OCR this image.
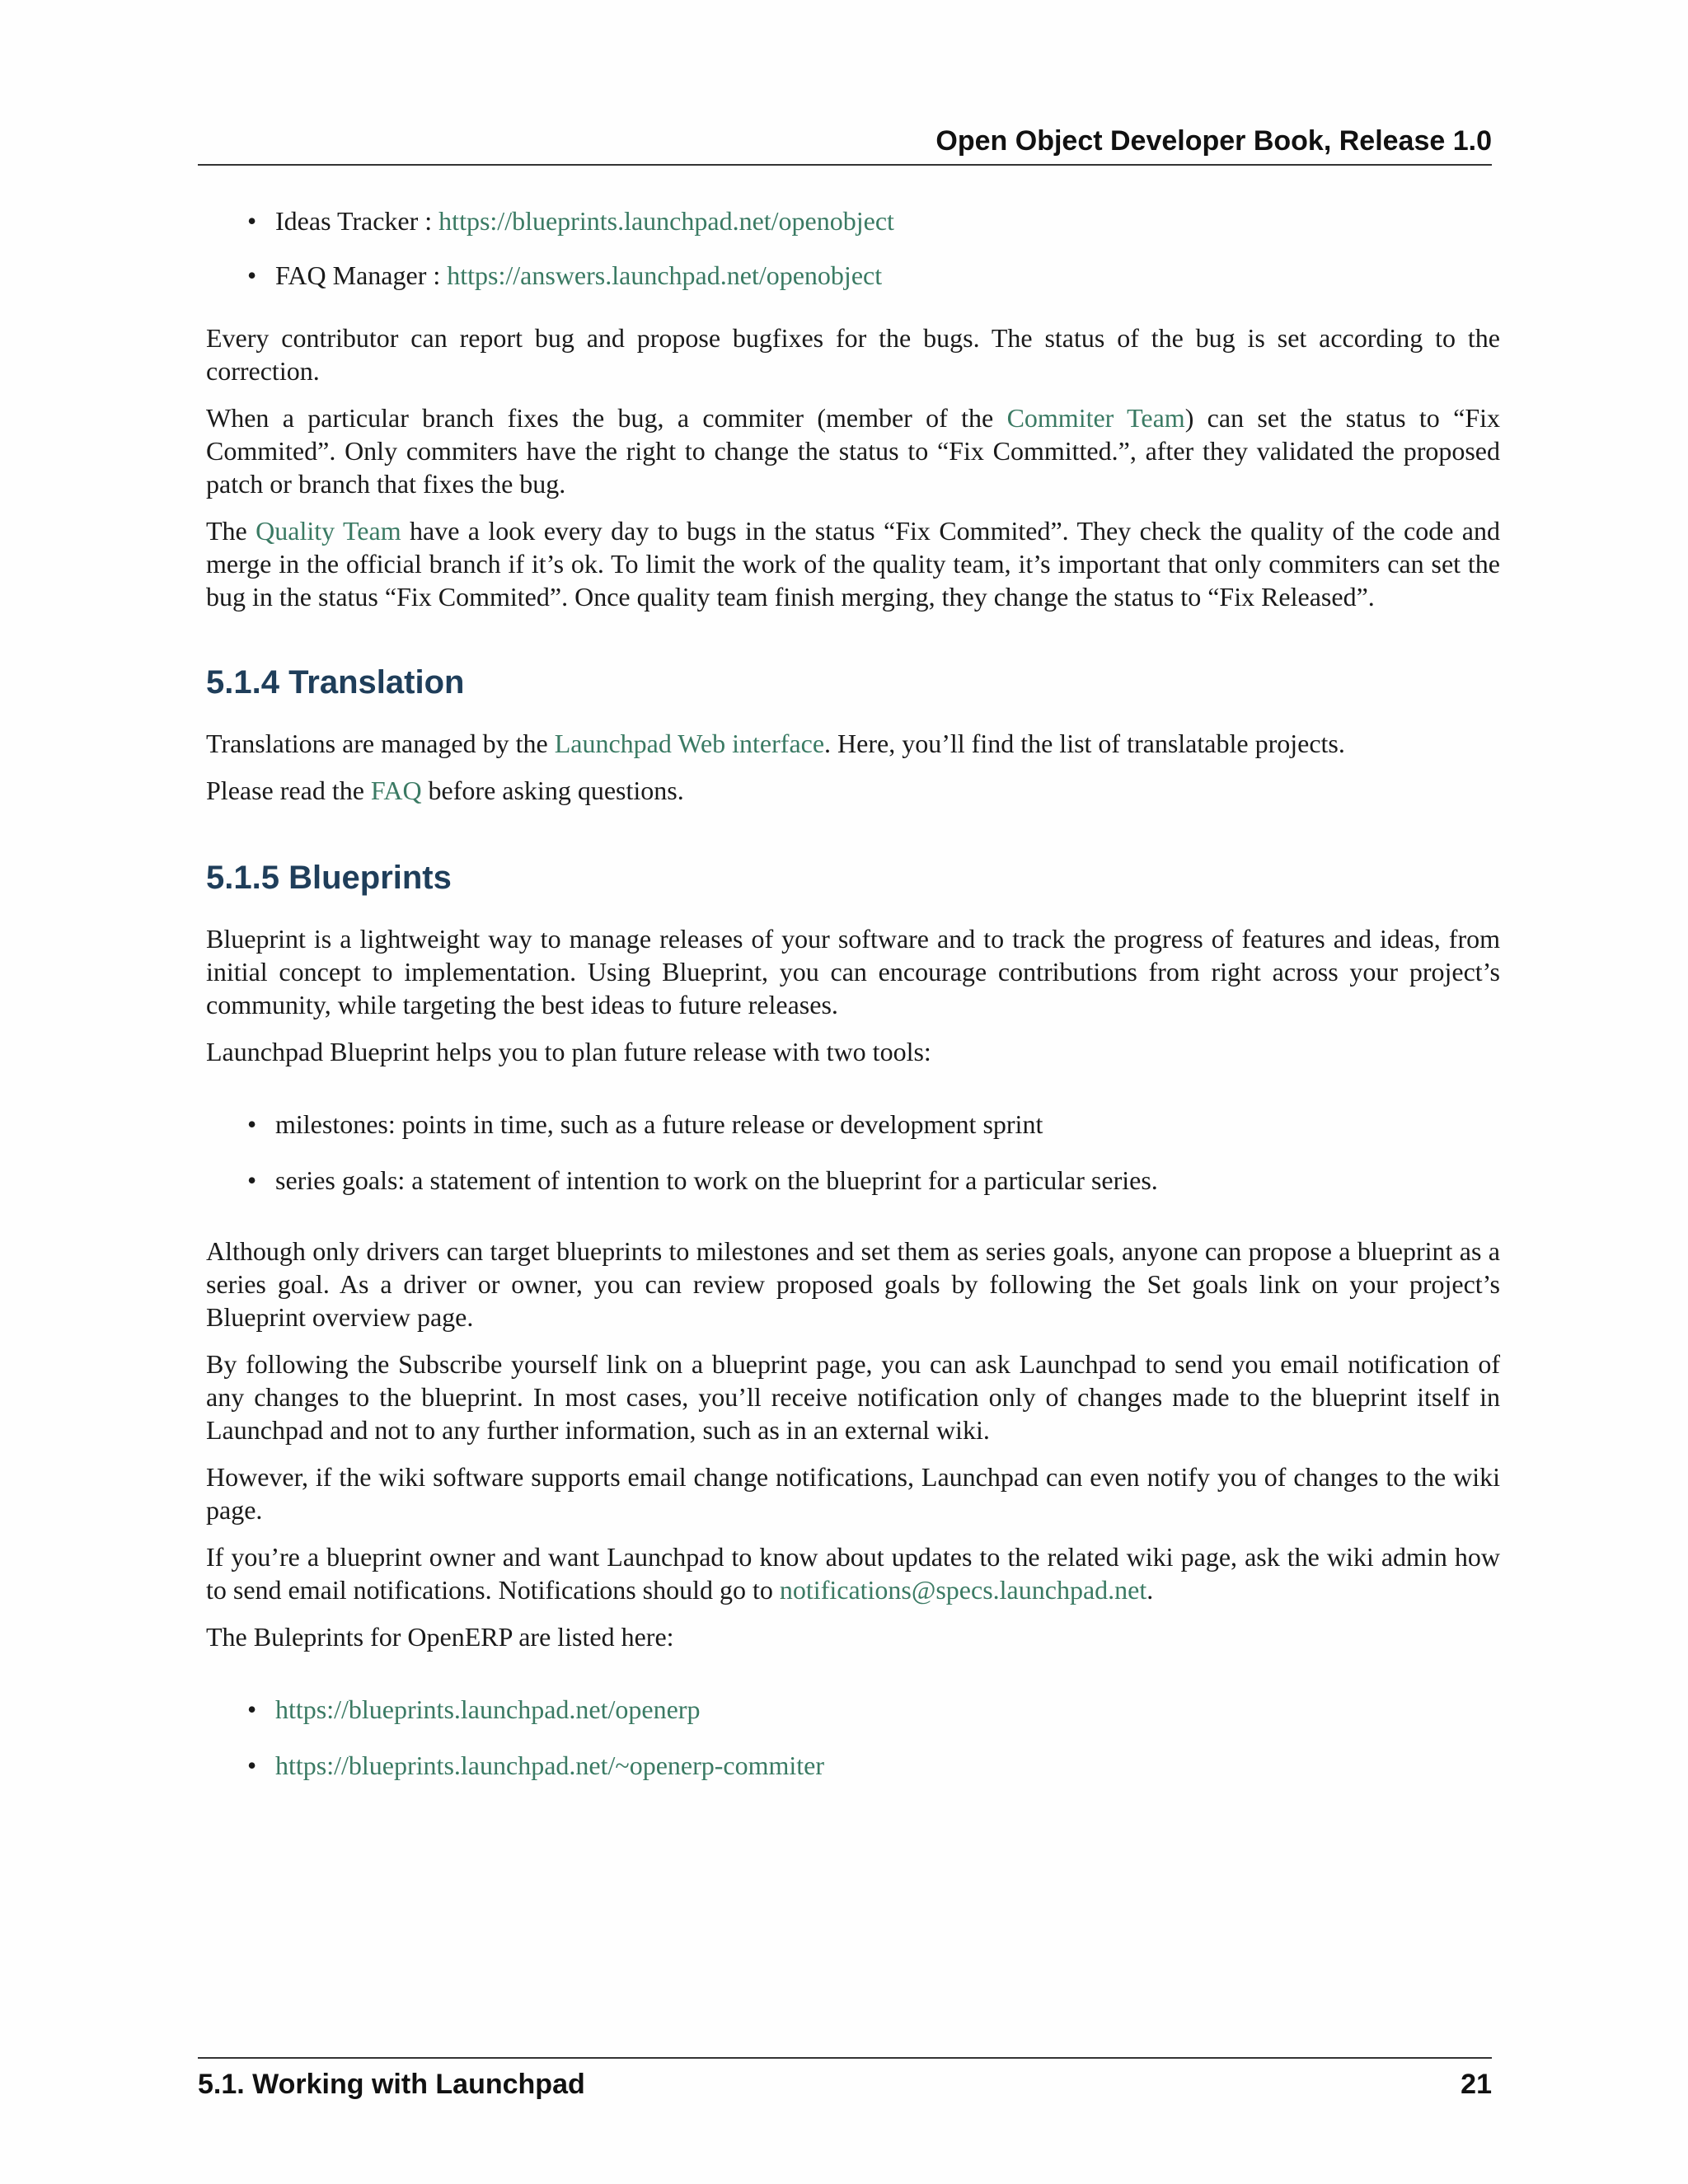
Open Object Developer Book, Release 1.0
• Ideas Tracker : https://blueprints.launchpad.net/openobject
• FAQ Manager : https://answers.launchpad.net/openobject

Every contributor can report bug and propose bugfixes for the bugs. The status of the bug is set according to the correction.

When a particular branch fixes the bug, a commiter (member of the Commiter Team) can set the status to “Fix Commited”. Only commiters have the right to change the status to “Fix Committed.”, after they validated the proposed patch or branch that fixes the bug.

The Quality Team have a look every day to bugs in the status “Fix Commited”. They check the quality of the code and merge in the official branch if it’s ok. To limit the work of the quality team, it’s important that only commiters can set the bug in the status “Fix Commited”. Once quality team finish merging, they change the status to “Fix Released”.

5.1.4 Translation

Translations are managed by the Launchpad Web interface. Here, you’ll find the list of translatable projects.

Please read the FAQ before asking questions.

5.1.5 Blueprints

Blueprint is a lightweight way to manage releases of your software and to track the progress of features and ideas, from initial concept to implementation. Using Blueprint, you can encourage contributions from right across your project’s community, while targeting the best ideas to future releases.

Launchpad Blueprint helps you to plan future release with two tools:

• milestones: points in time, such as a future release or development sprint
• series goals: a statement of intention to work on the blueprint for a particular series.

Although only drivers can target blueprints to milestones and set them as series goals, anyone can propose a blueprint as a series goal. As a driver or owner, you can review proposed goals by following the Set goals link on your project’s Blueprint overview page.

By following the Subscribe yourself link on a blueprint page, you can ask Launchpad to send you email notification of any changes to the blueprint. In most cases, you’ll receive notification only of changes made to the blueprint itself in Launchpad and not to any further information, such as in an external wiki.

However, if the wiki software supports email change notifications, Launchpad can even notify you of changes to the wiki page.

If you’re a blueprint owner and want Launchpad to know about updates to the related wiki page, ask the wiki admin how to send email notifications. Notifications should go to notifications@specs.launchpad.net.

The Buleprints for OpenERP are listed here:

• https://blueprints.launchpad.net/openerp
• https://blueprints.launchpad.net/~openerp-commiter
5.1. Working with Launchpad	21
